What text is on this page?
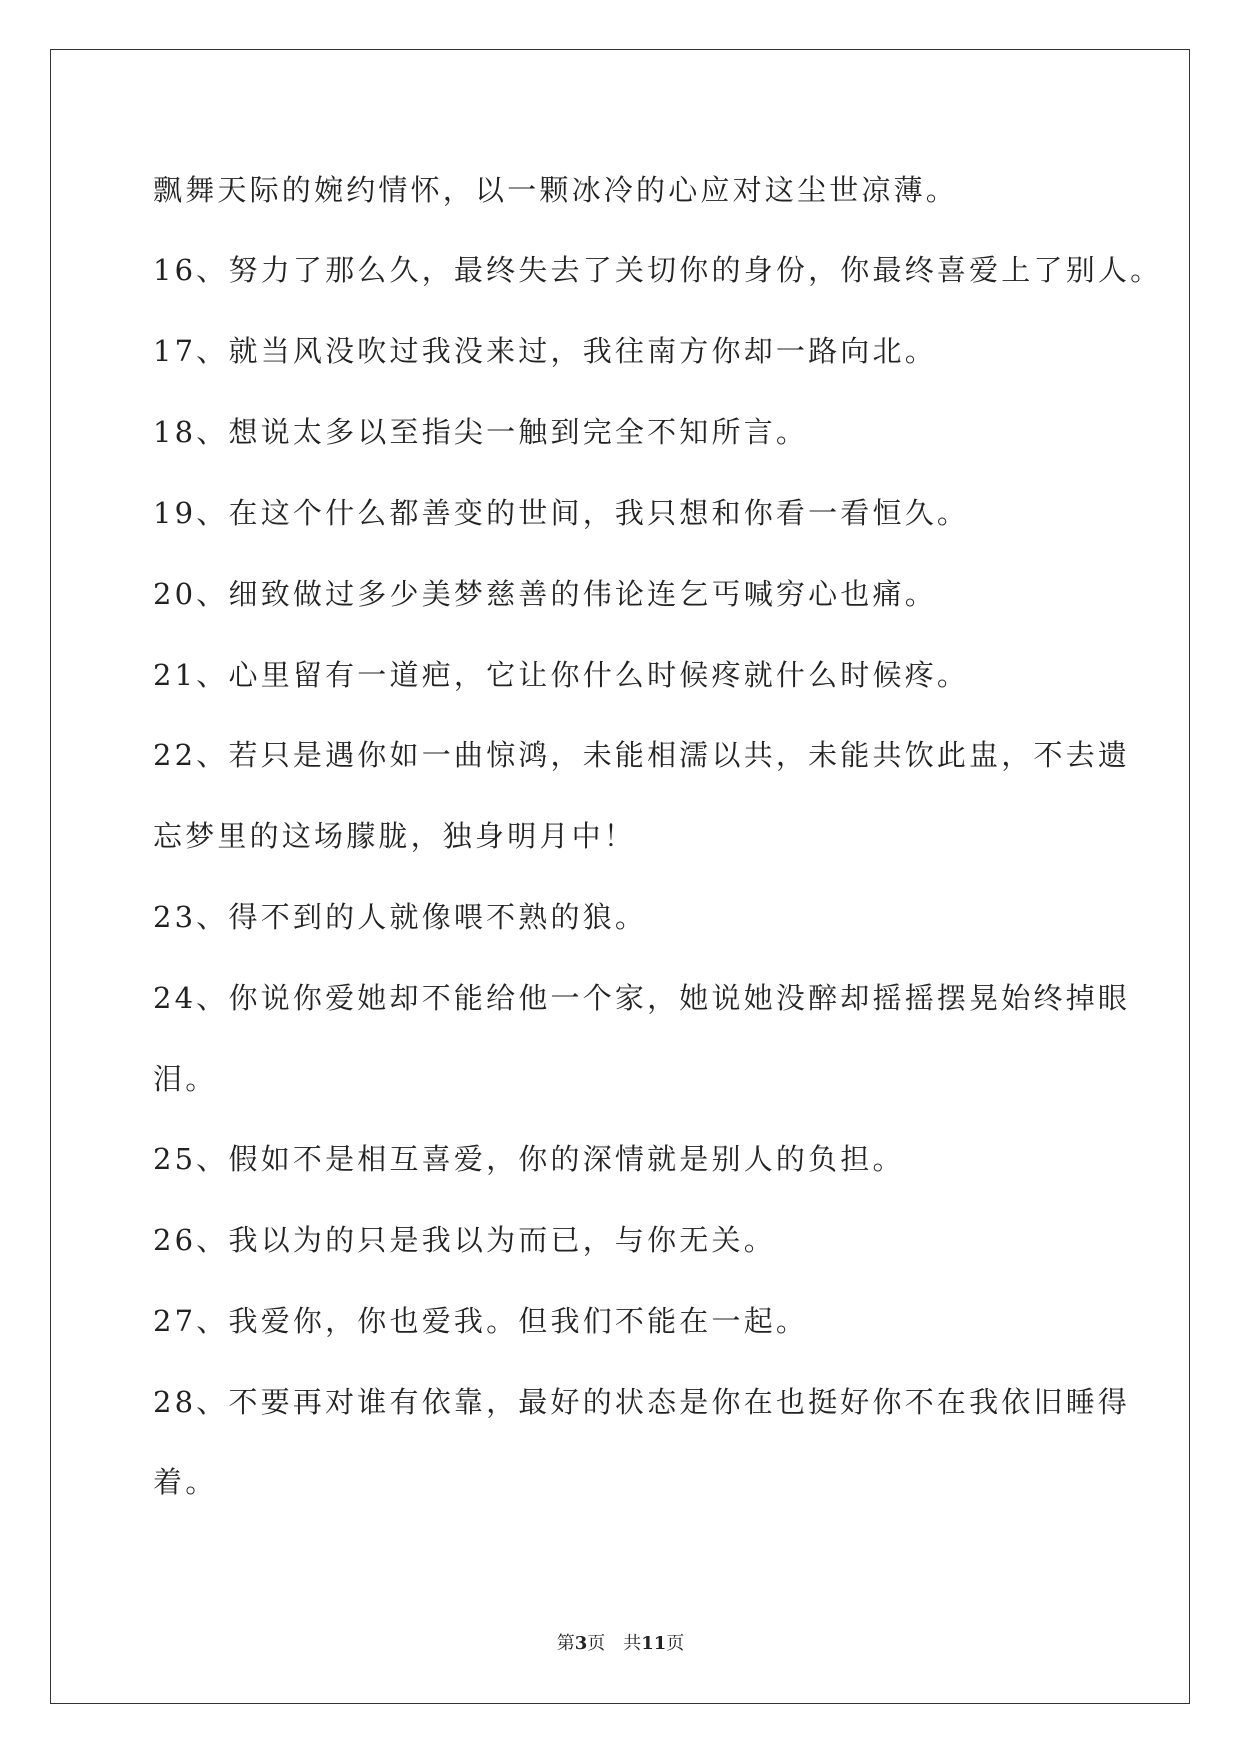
飘舞天际的婉约情怀，以一颗冰冷的心应对这尘世凉薄。
16、努力了那么久，最终失去了关切你的身份，你最终喜爱上了别人。
17、就当风没吹过我没来过，我往南方你却一路向北。
18、想说太多以至指尖一触到完全不知所言。
19、在这个什么都善变的世间，我只想和你看一看恒久。
20、细致做过多少美梦慈善的伟论连乞丐喊穷心也痛。
21、心里留有一道疤，它让你什么时候疼就什么时候疼。
22、若只是遇你如一曲惊鸿，未能相濡以共，未能共饮此盅，不去遗
忘梦里的这场朦胧，独身明月中！
23、得不到的人就像喂不熟的狼。
24、你说你爱她却不能给他一个家，她说她没醉却摇摇摆晃始终掉眼
泪。
25、假如不是相互喜爱，你的深情就是别人的负担。
26、我以为的只是我以为而已，与你无关。
27、我爱你，你也爱我。但我们不能在一起。
28、不要再对谁有依靠，最好的状态是你在也挺好你不在我依旧睡得
着。
第3页 共11页
